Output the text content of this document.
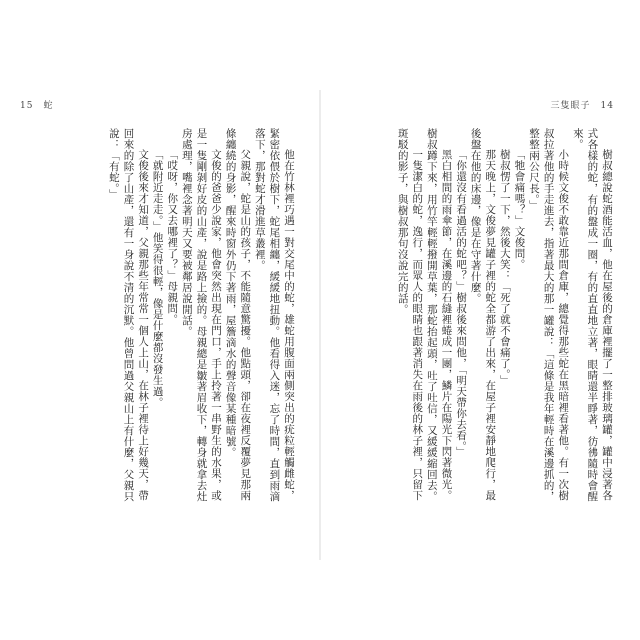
15　蛇

他在竹林裡巧遇一對交尾中的蛇，雄蛇用腹面兩側突出的疣粒輕觸雌蛇，緊密依偎於樹下，蛇尾相纏，緩緩地扭動。他看得入迷，忘了時間，直到雨滴落下，那對蛇才滑進草叢裡。

父親說，蛇是山的孩子，不能隨意驚擾。他點頭，卻在夜裡反覆夢見那兩條纏繞的身影，醒來時窗外仍下著雨，屋簷滴水的聲音像某種暗號。

文俊的爸爸少說家，他會突然出現在門口，手上拎著一串野生的水果，或是一隻剛剝好皮的山產，說是路上撿的。母親總是皺著眉收下，轉身就拿去灶房處理，嘴裡念著明天又要被鄰居說閒話。

「哎呀，你又去哪裡了？」母親問。

「就附近走走。」他笑得很輕，像是什麼都沒發生過。

文俊後來才知道，父親那些年常常一個人上山，在林子裡待上好幾天，帶回來的除了山產，還有一身說不清的沉默。他曾問過父親山上有什麼，父親只說：「有蛇。」

三隻眼子　14

樹叔總說蛇酒能活血，他在屋後的倉庫裡擺了一整排玻璃罐，罐中浸著各式各樣的蛇，有的盤成一圈，有的直直地立著，眼睛還半睜著，彷彿隨時會醒來。

小時候文俊不敢靠近那間倉庫，總覺得那些蛇在黑暗裡看著他。有一次樹叔拉著他的手走進去，指著最大的那一罐說：「這條是我年輕時在溪邊抓的，整整兩公尺長。」

「牠會痛嗎？」文俊問。

樹叔愣了一下，然後大笑：「死了就不會痛了。」

那天晚上，文俊夢見罐子裡的蛇全都游了出來，在屋子裡安靜地爬行，最後盤在他的床邊，像是在守著什麼。

「你還沒有看過活的蛇吧？」樹叔後來問他，「明天帶你去看。」

黑白相間的雨傘節，在溪邊的石縫裡蜷成一團，鱗片在陽光下閃著微光。樹叔蹲下來，用竹竿輕輕撥開草葉，那蛇抬起頭，吐了吐信，又緩緩縮回去。

一隻潔白的蛇，逸行，而眾人的眼睛也跟著消失在雨後的林子裡，只留下斑駁的影子，與樹叔那句沒說完的話。
